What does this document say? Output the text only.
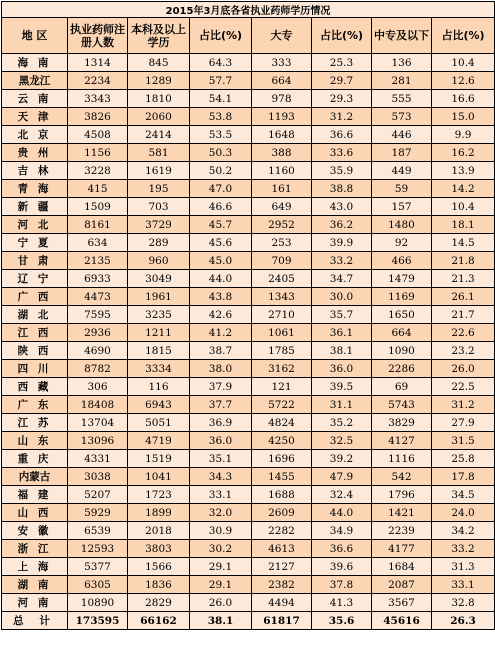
2015年3月底各省执业药师学历情况							
地 区	执业药师注册人数	本科及以上学历	占比(%)	大专	占比(%)	中专及以下	占比(%)
海 南	1314	845	64.3	333	25.3	136	10.4
黑龙江	2234	1289	57.7	664	29.7	281	12.6
云 南	3343	1810	54.1	978	29.3	555	16.6
天 津	3826	2060	53.8	1193	31.2	573	15.0
北 京	4508	2414	53.5	1648	36.6	446	9.9
贵 州	1156	581	50.3	388	33.6	187	16.2
吉 林	3228	1619	50.2	1160	35.9	449	13.9
青 海	415	195	47.0	161	38.8	59	14.2
新 疆	1509	703	46.6	649	43.0	157	10.4
河 北	8161	3729	45.7	2952	36.2	1480	18.1
宁 夏	634	289	45.6	253	39.9	92	14.5
甘 肃	2135	960	45.0	709	33.2	466	21.8
辽 宁	6933	3049	44.0	2405	34.7	1479	21.3
广 西	4473	1961	43.8	1343	30.0	1169	26.1
湖 北	7595	3235	42.6	2710	35.7	1650	21.7
江 西	2936	1211	41.2	1061	36.1	664	22.6
陕 西	4690	1815	38.7	1785	38.1	1090	23.2
四 川	8782	3334	38.0	3162	36.0	2286	26.0
西 藏	306	116	37.9	121	39.5	69	22.5
广 东	18408	6943	37.7	5722	31.1	5743	31.2
江 苏	13704	5051	36.9	4824	35.2	3829	27.9
山 东	13096	4719	36.0	4250	32.5	4127	31.5
重 庆	4331	1519	35.1	1696	39.2	1116	25.8
内蒙古	3038	1041	34.3	1455	47.9	542	17.8
福 建	5207	1723	33.1	1688	32.4	1796	34.5
山 西	5929	1899	32.0	2609	44.0	1421	24.0
安 徽	6539	2018	30.9	2282	34.9	2239	34.2
浙 江	12593	3803	30.2	4613	36.6	4177	33.2
上 海	5377	1566	29.1	2127	39.6	1684	31.3
湖 南	6305	1836	29.1	2382	37.8	2087	33.1
河 南	10890	2829	26.0	4494	41.3	3567	32.8
总 计	173595	66162	38.1	61817	35.6	45616	26.3
